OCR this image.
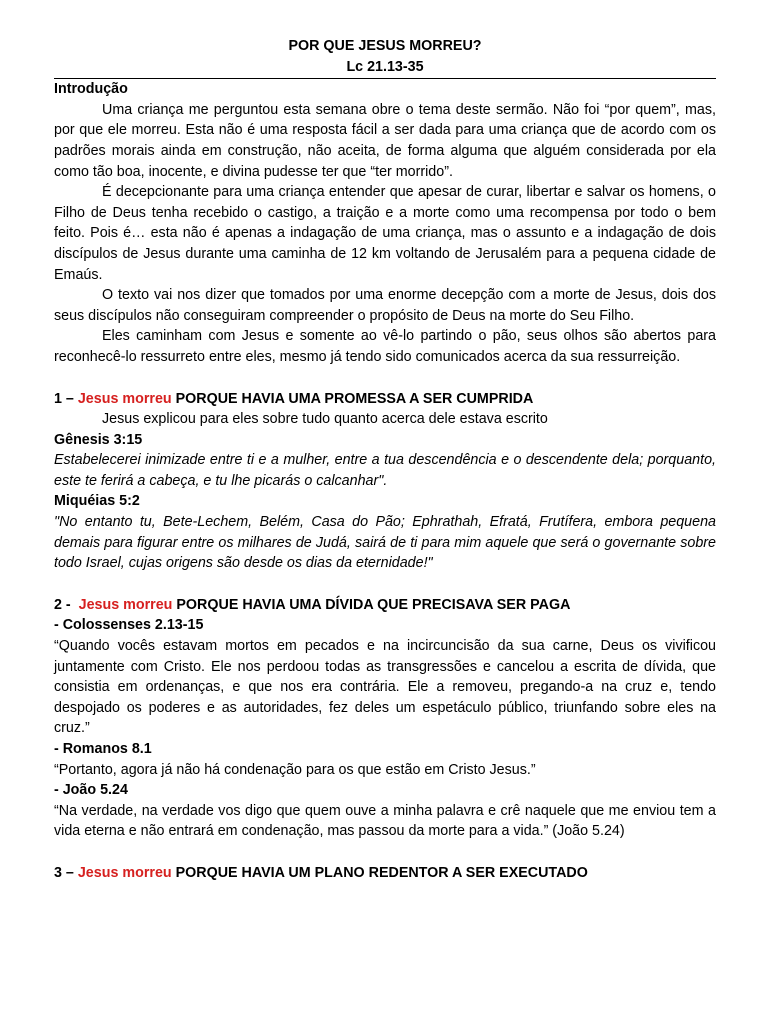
POR QUE JESUS MORREU?

Lc 21.13-35

Introdução

Uma criança me perguntou esta semana obre o tema deste sermão. Não foi “por quem”, mas, por que ele morreu. Esta não é uma resposta fácil a ser dada para uma criança que de acordo com os padrões morais ainda em construção, não aceita, de forma alguma que alguém considerada por ela como tão boa, inocente, e divina pudesse ter que “ter morrido”.

É decepcionante para uma criança entender que apesar de curar, libertar e salvar os homens, o Filho de Deus tenha recebido o castigo, a traição e a morte como uma recompensa por todo o bem feito. Pois é… esta não é apenas a indagação de uma criança, mas o assunto e a indagação de dois discípulos de Jesus durante uma caminha de 12 km voltando de Jerusalém para a pequena cidade de Emaús.

O texto vai nos dizer que tomados por uma enorme decepção com a morte de Jesus, dois dos seus discípulos não conseguiram compreender o propósito de Deus na morte do Seu Filho.

Eles caminham com Jesus e somente ao vê-lo partindo o pão, seus olhos são abertos para reconhecê-lo ressurreto entre eles, mesmo já tendo sido comunicados acerca da sua ressurreição.

1 – Jesus morreu PORQUE HAVIA UMA PROMESSA A SER CUMPRIDA

Jesus explicou para eles sobre tudo quanto acerca dele estava escrito

Gênesis 3:15

Estabelecerei inimizade entre ti e a mulher, entre a tua descendência e o descendente dela; porquanto, este te ferirá a cabeça, e tu lhe picarás o calcanhar".

Miquéias 5:2

"No entanto tu, Bete-Lechem, Belém, Casa do Pão; Ephrathah, Efratá, Frutífera, embora pequena demais para figurar entre os milhares de Judá, sairá de ti para mim aquele que será o governante sobre todo Israel, cujas origens são desde os dias da eternidade!"

2 -  Jesus morreu PORQUE HAVIA UMA DÍVIDA QUE PRECISAVA SER PAGA

- Colossenses 2.13-15

“Quando vocês estavam mortos em pecados e na incircuncisão da sua carne, Deus os vivificou juntamente com Cristo. Ele nos perdoou todas as transgressões e cancelou a escrita de dívida, que consistia em ordenanças, e que nos era contrária. Ele a removeu, pregando-a na cruz e, tendo despojado os poderes e as autoridades, fez deles um espetáculo público, triunfando sobre eles na cruz.”

- Romanos 8.1

“Portanto, agora já não há condenação para os que estão em Cristo Jesus.”

- João 5.24

“Na verdade, na verdade vos digo que quem ouve a minha palavra e crê naquele que me enviou tem a vida eterna e não entrará em condenação, mas passou da morte para a vida.” (João 5.24)

3 – Jesus morreu PORQUE HAVIA UM PLANO REDENTOR A SER EXECUTADO
